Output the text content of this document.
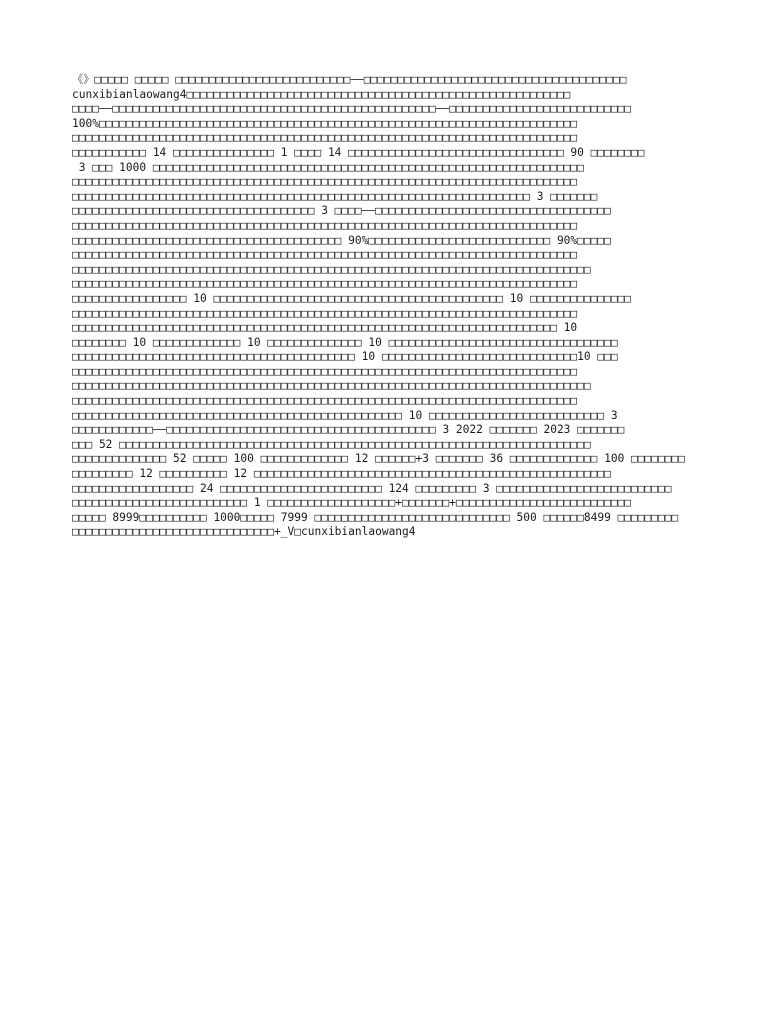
《》□□□□□ □□□□□ □□□□□□□□□□□□□□□□□□□□□□□□□□——□□□□□□□□□□□□□□□□□□□□□□□□□□□□□□□□□□□□□□□
cunxibianlaowang4□□□□□□□□□□□□□□□□□□□□□□□□□□□□□□□□□□□□□□□□□□□□□□□□□□□□□□□□□
□□□□——□□□□□□□□□□□□□□□□□□□□□□□□□□□□□□□□□□□□□□□□□□□□□□□□——□□□□□□□□□□□□□□□□□□□□□□□□□□□
100%□□□□□□□□□□□□□□□□□□□□□□□□□□□□□□□□□□□□□□□□□□□□□□□□□□□□□□□□□□□□□□□□□□□□□□□
□□□□□□□□□□□□□□□□□□□□□□□□□□□□□□□□□□□□□□□□□□□□□□□□□□□□□□□□□□□□□□□□□□□□□□□□□□□
□□□□□□□□□□□ 14 □□□□□□□□□□□□□□□ 1 □□□□ 14 □□□□□□□□□□□□□□□□□□□□□□□□□□□□□□□□ 90 □□□□□□□□
3 □□□ 1000 □□□□□□□□□□□□□□□□□□□□□□□□□□□□□□□□□□□□□□□□□□□□□□□□□□□□□□□□□□□□□□□□
□□□□□□□□□□□□□□□□□□□□□□□□□□□□□□□□□□□□□□□□□□□□□□□□□□□□□□□□□□□□□□□□□□□□□□□□□□□
□□□□□□□□□□□□□□□□□□□□□□□□□□□□□□□□□□□□□□□□□□□□□□□□□□□□□□□□□□□□□□□□□□□□ 3 □□□□□□□
□□□□□□□□□□□□□□□□□□□□□□□□□□□□□□□□□□□□ 3 □□□□——□□□□□□□□□□□□□□□□□□□□□□□□□□□□□□□□□□□
□□□□□□□□□□□□□□□□□□□□□□□□□□□□□□□□□□□□□□□□□□□□□□□□□□□□□□□□□□□□□□□□□□□□□□□□□□□
□□□□□□□□□□□□□□□□□□□□□□□□□□□□□□□□□□□□□□□□ 90%□□□□□□□□□□□□□□□□□□□□□□□□□□□ 90%□□□□□
□□□□□□□□□□□□□□□□□□□□□□□□□□□□□□□□□□□□□□□□□□□□□□□□□□□□□□□□□□□□□□□□□□□□□□□□□□□
□□□□□□□□□□□□□□□□□□□□□□□□□□□□□□□□□□□□□□□□□□□□□□□□□□□□□□□□□□□□□□□□□□□□□□□□□□□□□
□□□□□□□□□□□□□□□□□□□□□□□□□□□□□□□□□□□□□□□□□□□□□□□□□□□□□□□□□□□□□□□□□□□□□□□□□□□
□□□□□□□□□□□□□□□□□ 10 □□□□□□□□□□□□□□□□□□□□□□□□□□□□□□□□□□□□□□□□□□□ 10 □□□□□□□□□□□□□□□
□□□□□□□□□□□□□□□□□□□□□□□□□□□□□□□□□□□□□□□□□□□□□□□□□□□□□□□□□□□□□□□□□□□□□□□□□□□
□□□□□□□□□□□□□□□□□□□□□□□□□□□□□□□□□□□□□□□□□□□□□□□□□□□□□□□□□□□□□□□□□□□□□□□□ 10
□□□□□□□□ 10 □□□□□□□□□□□□□ 10 □□□□□□□□□□□□□□ 10 □□□□□□□□□□□□□□□□□□□□□□□□□□□□□□□□□□
□□□□□□□□□□□□□□□□□□□□□□□□□□□□□□□□□□□□□□□□□□ 10 □□□□□□□□□□□□□□□□□□□□□□□□□□□□□10 □□□
□□□□□□□□□□□□□□□□□□□□□□□□□□□□□□□□□□□□□□□□□□□□□□□□□□□□□□□□□□□□□□□□□□□□□□□□□□□
□□□□□□□□□□□□□□□□□□□□□□□□□□□□□□□□□□□□□□□□□□□□□□□□□□□□□□□□□□□□□□□□□□□□□□□□□□□□□
□□□□□□□□□□□□□□□□□□□□□□□□□□□□□□□□□□□□□□□□□□□□□□□□□□□□□□□□□□□□□□□□□□□□□□□□□□□
□□□□□□□□□□□□□□□□□□□□□□□□□□□□□□□□□□□□□□□□□□□□□□□□□ 10 □□□□□□□□□□□□□□□□□□□□□□□□□□ 3
□□□□□□□□□□□□——□□□□□□□□□□□□□□□□□□□□□□□□□□□□□□□□□□□□□□□□ 3 2022 □□□□□□□ 2023 □□□□□□□
□□□ 52 □□□□□□□□□□□□□□□□□□□□□□□□□□□□□□□□□□□□□□□□□□□□□□□□□□□□□□□□□□□□□□□□□□□□□□
□□□□□□□□□□□□□□ 52 □□□□□ 100 □□□□□□□□□□□□□ 12 □□□□□□+3 □□□□□□□ 36 □□□□□□□□□□□□□ 100 □□□□□□□□
□□□□□□□□□ 12 □□□□□□□□□□ 12 □□□□□□□□□□□□□□□□□□□□□□□□□□□□□□□□□□□□□□□□□□□□□□□□□□□□□
□□□□□□□□□□□□□□□□□□ 24 □□□□□□□□□□□□□□□□□□□□□□□□ 124 □□□□□□□□□ 3 □□□□□□□□□□□□□□□□□□□□□□□□□□
□□□□□□□□□□□□□□□□□□□□□□□□□□ 1 □□□□□□□□□□□□□□□□□□□+□□□□□□□+□□□□□□□□□□□□□□□□□□□□□□□□□□
□□□□□ 8999□□□□□□□□□□ 1000□□□□□ 7999 □□□□□□□□□□□□□□□□□□□□□□□□□□□□□ 500 □□□□□□8499 □□□□□□□□□
□□□□□□□□□□□□□□□□□□□□□□□□□□□□□□+_V□cunxibianlaowang4
